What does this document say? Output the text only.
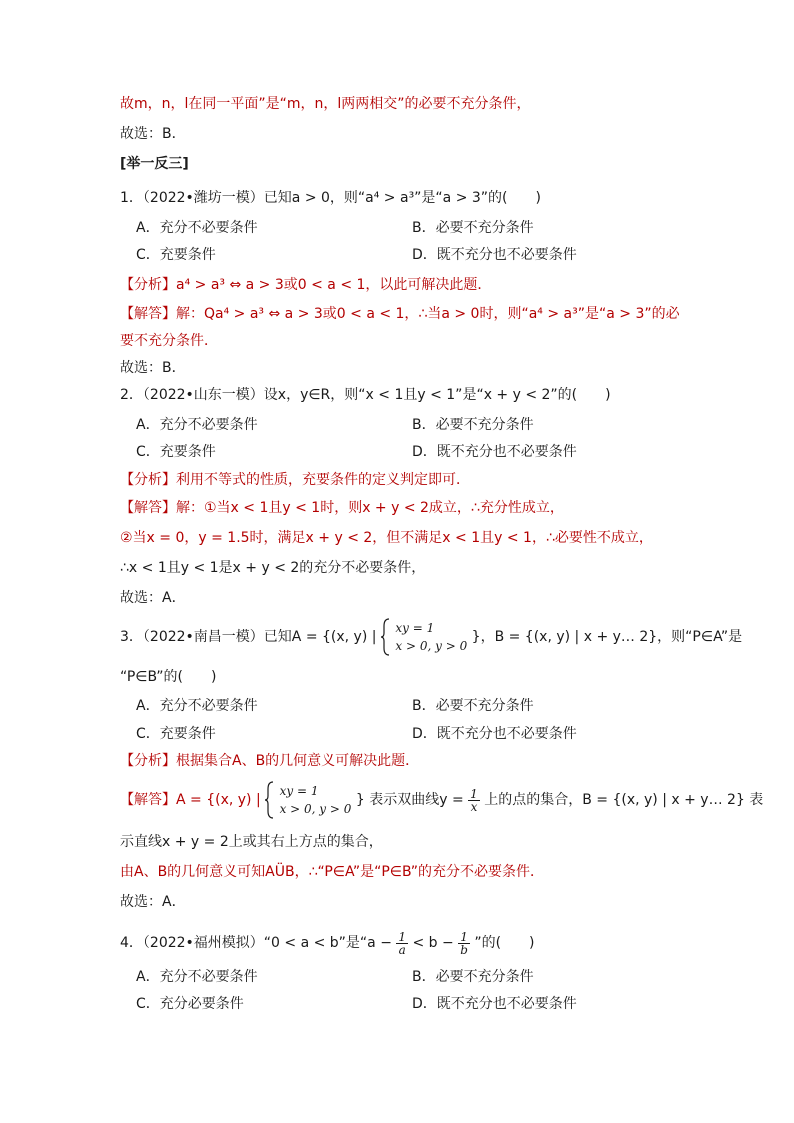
故m，n，l在同一平面”是“m，n，l两两相交”的必要不充分条件，
故选：B．
[举一反三]
1．（2022•潍坊一模）已知a > 0，则“a⁴ > a³”是“a > 3”的(　　)
A．充分不必要条件	B．必要不充分条件
C．充要条件	D．既不充分也不必要条件
【分析】a⁴ > a³ ⇔ a > 3或0 < a < 1，以此可解决此题．
【解答】解：Qa⁴ > a³ ⇔ a > 3或0 < a < 1，∴当a > 0时，则“a⁴ > a³”是“a > 3”的必
要不充分条件．
故选：B．
2．（2022•山东一模）设x，y∈R，则“x < 1且y < 1”是“x + y < 2”的(　　)
A．充分不必要条件	B．必要不充分条件
C．充要条件	D．既不充分也不必要条件
【分析】利用不等式的性质，充要条件的定义判定即可．
【解答】解：①当x < 1且y < 1时，则x + y < 2成立，∴充分性成立，
②当x = 0，y = 1.5时，满足x + y < 2，但不满足x < 1且y < 1，∴必要性不成立，
∴x < 1且y < 1是x + y < 2的充分不必要条件，
故选：A．
3．（2022•南昌一模）已知A = {(x, y) |

xy = 1
x > 0, y > 0
}，B = {(x, y) | x + y… 2}，则“P∈A”是
“P∈B”的(　　)
A．充分不必要条件	B．必要不充分条件
C．充要条件	D．既不充分也不必要条件
【分析】根据集合A、B的几何意义可解决此题．
【解答】A = {(x, y) |

xy = 1
x > 0, y > 0
} 表示双曲线$y = \frac{1}{x}$ 上的点的集合，B = {(x, y) | x + y… 2} 表
示直线x + y = 2上或其右上方点的集合，
由A、B的几何意义可知AÜB，∴“P∈A”是“P∈B”的充分不必要条件．
故选：A．
4．（2022•福州模拟）“0 < a < b”是“$a - \frac{1}{a} < b - \frac{1}{b}$ ”的(　　)
A．充分不必要条件	B．必要不充分条件
C．充分必要条件	D．既不充分也不必要条件
